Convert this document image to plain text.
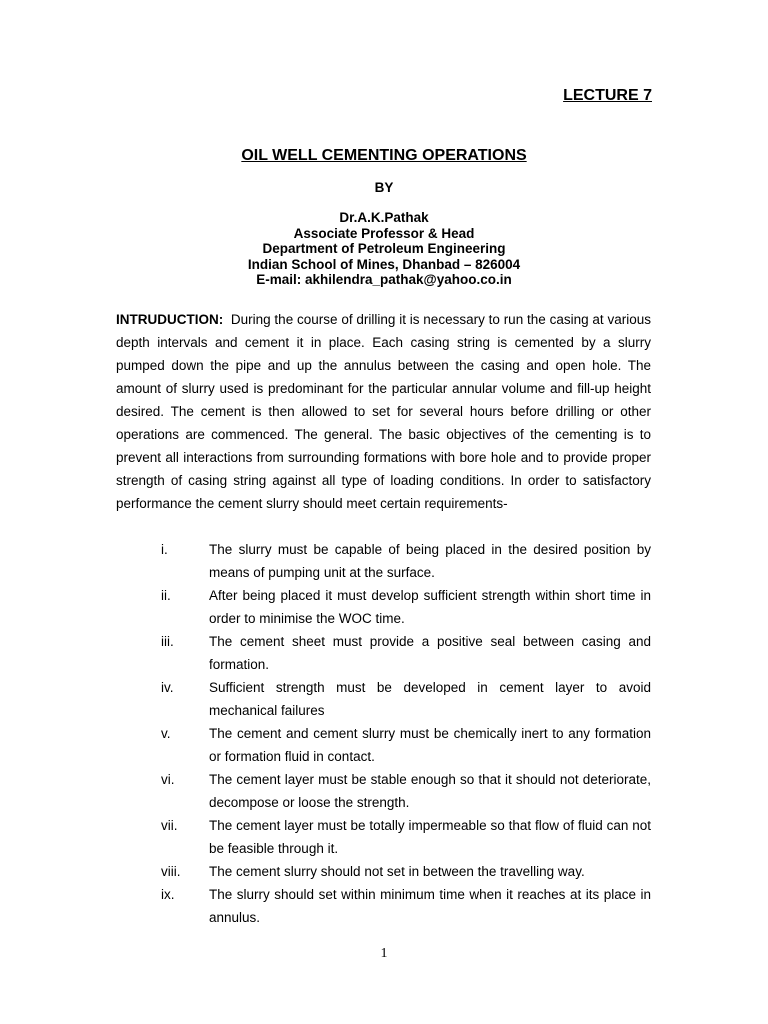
LECTURE 7
OIL WELL CEMENTING OPERATIONS
BY
Dr.A.K.Pathak
Associate Professor & Head
Department of Petroleum Engineering
Indian School of Mines, Dhanbad – 826004
E-mail: akhilendra_pathak@yahoo.co.in
INTRUDUCTION: During the course of drilling it is necessary to run the casing at various depth intervals and cement it in place. Each casing string is cemented by a slurry pumped down the pipe and up the annulus between the casing and open hole. The amount of slurry used is predominant for the particular annular volume and fill-up height desired. The cement is then allowed to set for several hours before drilling or other operations are commenced. The general. The basic objectives of the cementing is to prevent all interactions from surrounding formations with bore hole and to provide proper strength of casing string against all type of loading conditions. In order to satisfactory performance the cement slurry should meet certain requirements-
i.	The slurry must be capable of being placed in the desired position by means of pumping unit at the surface.
ii.	After being placed it must develop sufficient strength within short time in order to minimise the WOC time.
iii.	The cement sheet must provide a positive seal between casing and formation.
iv.	Sufficient strength must be developed in cement layer to avoid mechanical failures
v.	The cement and cement slurry must be chemically inert to any formation or formation fluid in contact.
vi.	The cement layer must be stable enough so that it should not deteriorate, decompose or loose the strength.
vii. The cement layer must be totally impermeable so that flow of fluid can not be feasible through it.
viii. The cement slurry should not set in between the travelling way.
ix.	The slurry should set within minimum time when it reaches at its place in annulus.
1
